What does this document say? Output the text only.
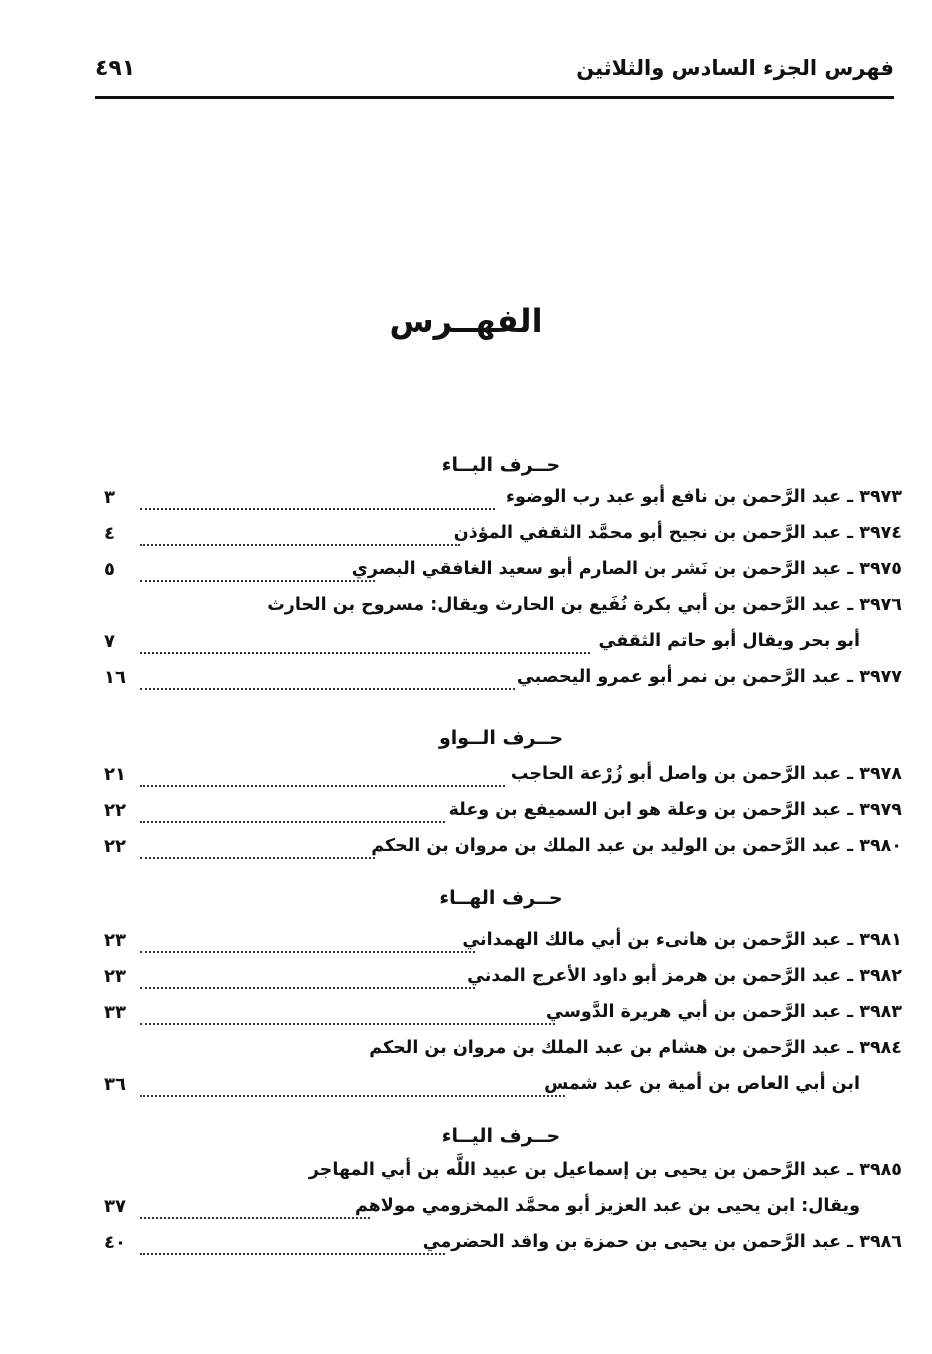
فهرس الجزء السادس والثلاثين
٤٩١
الفهــرس
حــرف البــاء
٣٩٧٣ ـ عبد الرَّحمن بن نافع أبو عبد رب الوضوء
٣
٣٩٧٤ ـ عبد الرَّحمن بن نجيح أبو محمَّد الثقفي المؤذن
٤
٣٩٧٥ ـ عبد الرَّحمن بن نَشر بن الصارم أبو سعيد الغافقي البصري
٥
٣٩٧٦ ـ عبد الرَّحمن بن أبي بكرة نُفَيع بن الحارث ويقال: مسروح بن الحارث
أبو بحر ويقال أبو حاتم الثقفي
٧
٣٩٧٧ ـ عبد الرَّحمن بن نمر أبو عمرو اليحصبي
١٦
حــرف الــواو
٣٩٧٨ ـ عبد الرَّحمن بن واصل أبو زُرْعة الحاجب
٢١
٣٩٧٩ ـ عبد الرَّحمن بن وعلة هو ابن السميفع بن وعلة
٢٢
٣٩٨٠ ـ عبد الرَّحمن بن الوليد بن عبد الملك بن مروان بن الحكم
٢٢
حــرف الهــاء
٣٩٨١ ـ عبد الرَّحمن بن هانىء بن أبي مالك الهمداني
٢٣
٣٩٨٢ ـ عبد الرَّحمن بن هرمز أبو داود الأعرج المدني
٢٣
٣٩٨٣ ـ عبد الرَّحمن بن أبي هريرة الدَّوسي
٣٣
٣٩٨٤ ـ عبد الرَّحمن بن هشام بن عبد الملك بن مروان بن الحكم
ابن أبي العاص بن أمية بن عبد شمس
٣٦
حــرف اليــاء
٣٩٨٥ ـ عبد الرَّحمن بن يحيى بن إسماعيل بن عبيد اللَّه بن أبي المهاجر
ويقال: ابن يحيى بن عبد العزيز أبو محمَّد المخزومي مولاهم
٣٧
٣٩٨٦ ـ عبد الرَّحمن بن يحيى بن حمزة بن واقد الحضرمي
٤٠
